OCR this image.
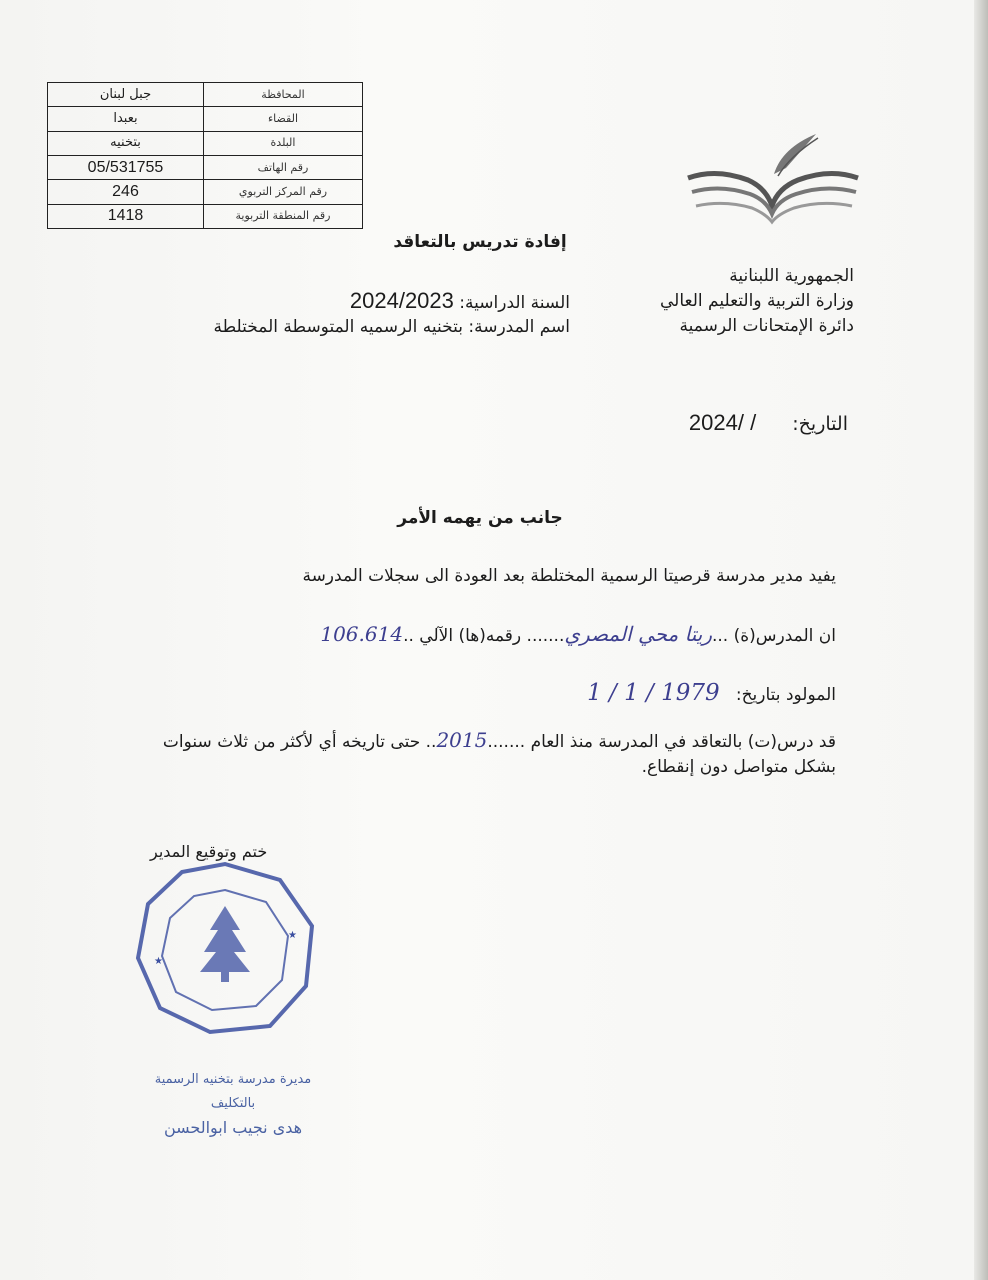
المحافظة	جبل لبنان
القضاء	بعبدا
البلدة	بتخنيه
رقم الهاتف	05/531755
رقم المركز التربوي	246
رقم المنطقة التربوية	1418
إفادة تدريس بالتعاقد
الجمهورية اللبنانية
وزارة التربية والتعليم العالي
دائرة الإمتحانات الرسمية
السنة الدراسية: 2024/2023
اسم المدرسة: بتخنيه الرسميه المتوسطة المختلطة
التاريخ: / /2024
جانب من يهمه الأمر
يفيد مدير مدرسة قرصيتا الرسمية المختلطة بعد العودة الى سجلات المدرسة
ان المدرس(ة) ...ريتا محي المصري....... رقمه(ها) الآلي ..106.614
المولود بتاريخ:   1979 / 1 / 1
قد درس(ت) بالتعاقد في المدرسة منذ العام .......2015.. حتى تاريخه أي لأكثر من ثلاث سنوات بشكل متواصل دون إنقطاع.
ختم وتوقيع المدير
★
★
مديرة مدرسة بتخنيه الرسمية
بالتكليف
هدى نجيب ابوالحسن
